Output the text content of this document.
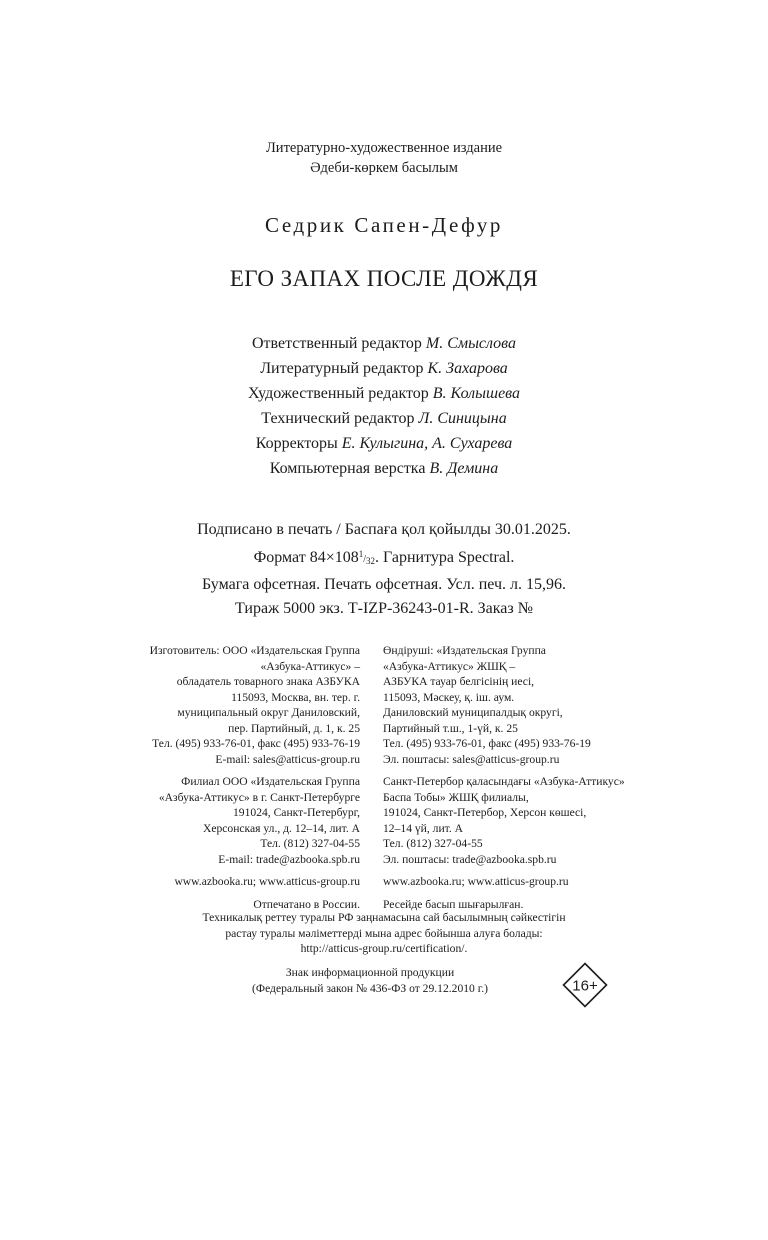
Литературно-художественное издание
Әдеби-көркем басылым
Седрик Сапен-Дефур
ЕГО ЗАПАХ ПОСЛЕ ДОЖДЯ
Ответственный редактор М. Смыслова
Литературный редактор К. Захарова
Художественный редактор В. Колышева
Технический редактор Л. Синицына
Корректоры Е. Кулыгина, А. Сухарева
Компьютерная верстка В. Демина
Подписано в печать / Баспаға қол қойылды 30.01.2025.
Формат $84\times 108^1/_{32}$. Гарнитура Spectral.
Бумага офсетная. Печать офсетная. Усл. печ. л. 15,96.
Тираж 5000 экз. Т-IZP-36243-01-R. Заказ №
Изготовитель: ООО «Издательская Группа
«Азбука-Аттикус» –
обладатель товарного знака АЗБУКА
115093, Москва, вн. тер. г.
муниципальный округ Даниловский,
пер. Партийный, д. 1, к. 25
Тел. (495) 933-76-01, факс (495) 933-76-19
E-mail: sales@atticus-group.ru
Филиал ООО «Издательская Группа
«Азбука-Аттикус» в г. Санкт-Петербурге
191024, Санкт-Петербург,
Херсонская ул., д. 12–14, лит. А
Тел. (812) 327-04-55
E-mail: trade@azbooka.spb.ru
www.azbooka.ru; www.atticus-group.ru
Отпечатано в России.
Өндіруші: «Издательская Группа
«Азбука-Аттикус» ЖШҚ –
АЗБУКА тауар белгісінің иесі,
115093, Мәскеу, қ. іш. аум.
Даниловский муниципалдық округі,
Партийный т.ш., 1-үй, к. 25
Тел. (495) 933-76-01, факс (495) 933-76-19
Эл. поштасы: sales@atticus-group.ru
Санкт-Петербор қаласындағы «Азбука-Аттикус»
Баспа Тобы» ЖШҚ филиалы,
191024, Санкт-Петербор, Херсон көшесі,
12–14 үй, лит. А
Тел. (812) 327-04-55
Эл. поштасы: trade@azbooka.spb.ru
www.azbooka.ru; www.atticus-group.ru
Ресейде басып шығарылған.
Техникалық реттеу туралы РФ заңнамасына сай басылымның сәйкестігін
растау туралы мәліметтерді мына адрес бойынша алуға болады:
http://atticus-group.ru/certification/.
Знак информационной продукции
(Федеральный закон № 436-ФЗ от 29.12.2010 г.)	16+
